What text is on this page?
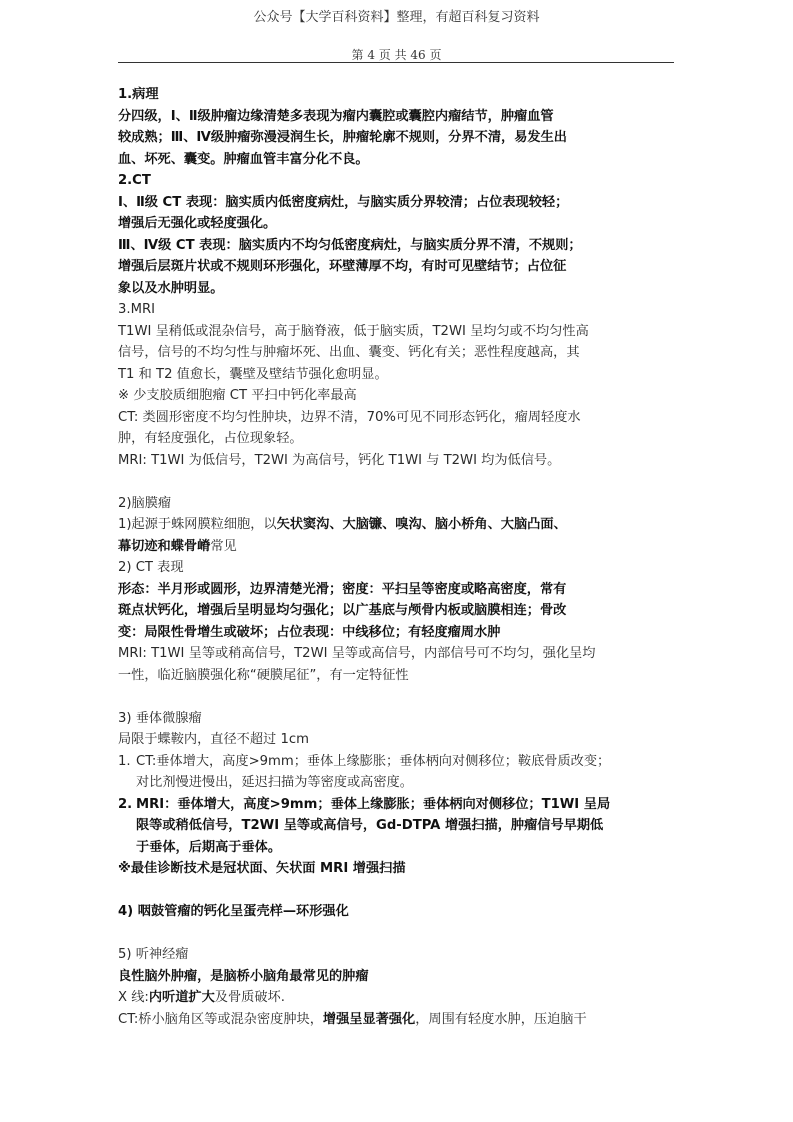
公众号【大学百科资料】整理，有超百科复习资料
第 4 页 共 46 页
1.病理
分四级，Ⅰ、Ⅱ级肿瘤边缘清楚多表现为瘤内囊腔或囊腔内瘤结节，肿瘤血管
较成熟；Ⅲ、Ⅳ级肿瘤弥漫浸润生长，肿瘤轮廓不规则，分界不清，易发生出
血、坏死、囊变。肿瘤血管丰富分化不良。
2.CT
Ⅰ、Ⅱ级 CT 表现：脑实质内低密度病灶，与脑实质分界较清；占位表现较轻；
增强后无强化或轻度强化。
Ⅲ、Ⅳ级 CT 表现：脑实质内不均匀低密度病灶，与脑实质分界不清，不规则；
增强后层斑片状或不规则环形强化，环壁薄厚不均，有时可见壁结节；占位征
象以及水肿明显。
3.MRI
T1WI 呈稍低或混杂信号，高于脑脊液，低于脑实质，T2WI 呈均匀或不均匀性高
信号，信号的不均匀性与肿瘤坏死、出血、囊变、钙化有关；恶性程度越高，其
T1 和 T2 值愈长，囊壁及壁结节强化愈明显。
※ 少支胶质细胞瘤 CT 平扫中钙化率最高
CT: 类圆形密度不均匀性肿块，边界不清，70%可见不同形态钙化，瘤周轻度水
肿，有轻度强化，占位现象轻。
MRI: T1WI 为低信号，T2WI 为高信号，钙化 T1WI 与 T2WI 均为低信号。
2)脑膜瘤
1)起源于蛛网膜粒细胞，以矢状窦沟、大脑镰、嗅沟、脑小桥角、大脑凸面、
幕切迹和蝶骨嵴常见
2) CT 表现
形态：半月形或圆形，边界清楚光滑；密度：平扫呈等密度或略高密度，常有
斑点状钙化，增强后呈明显均匀强化；以广基底与颅骨内板或脑膜相连；骨改
变：局限性骨增生或破坏；占位表现：中线移位；有轻度瘤周水肿
MRI: T1WI 呈等或稍高信号，T2WI 呈等或高信号，内部信号可不均匀，强化呈均
一性，临近脑膜强化称“硬膜尾征”，有一定特征性
3) 垂体微腺瘤
局限于蝶鞍内，直径不超过 1cm
1. CT:垂体增大，高度>9mm；垂体上缘膨胀；垂体柄向对侧移位；鞍底骨质改变；
对比剂慢进慢出，延迟扫描为等密度或高密度。
2. MRI：垂体增大，高度>9mm；垂体上缘膨胀；垂体柄向对侧移位；T1WI 呈局
限等或稍低信号，T2WI 呈等或高信号，Gd-DTPA 增强扫描，肿瘤信号早期低
于垂体，后期高于垂体。
※最佳诊断技术是冠状面、矢状面 MRI 增强扫描
4) 咽鼓管瘤的钙化呈蛋壳样—环形强化
5) 听神经瘤
良性脑外肿瘤，是脑桥小脑角最常见的肿瘤
X 线:内听道扩大及骨质破坏.
CT:桥小脑角区等或混杂密度肿块，增强呈显著强化，周围有轻度水肿，压迫脑干
